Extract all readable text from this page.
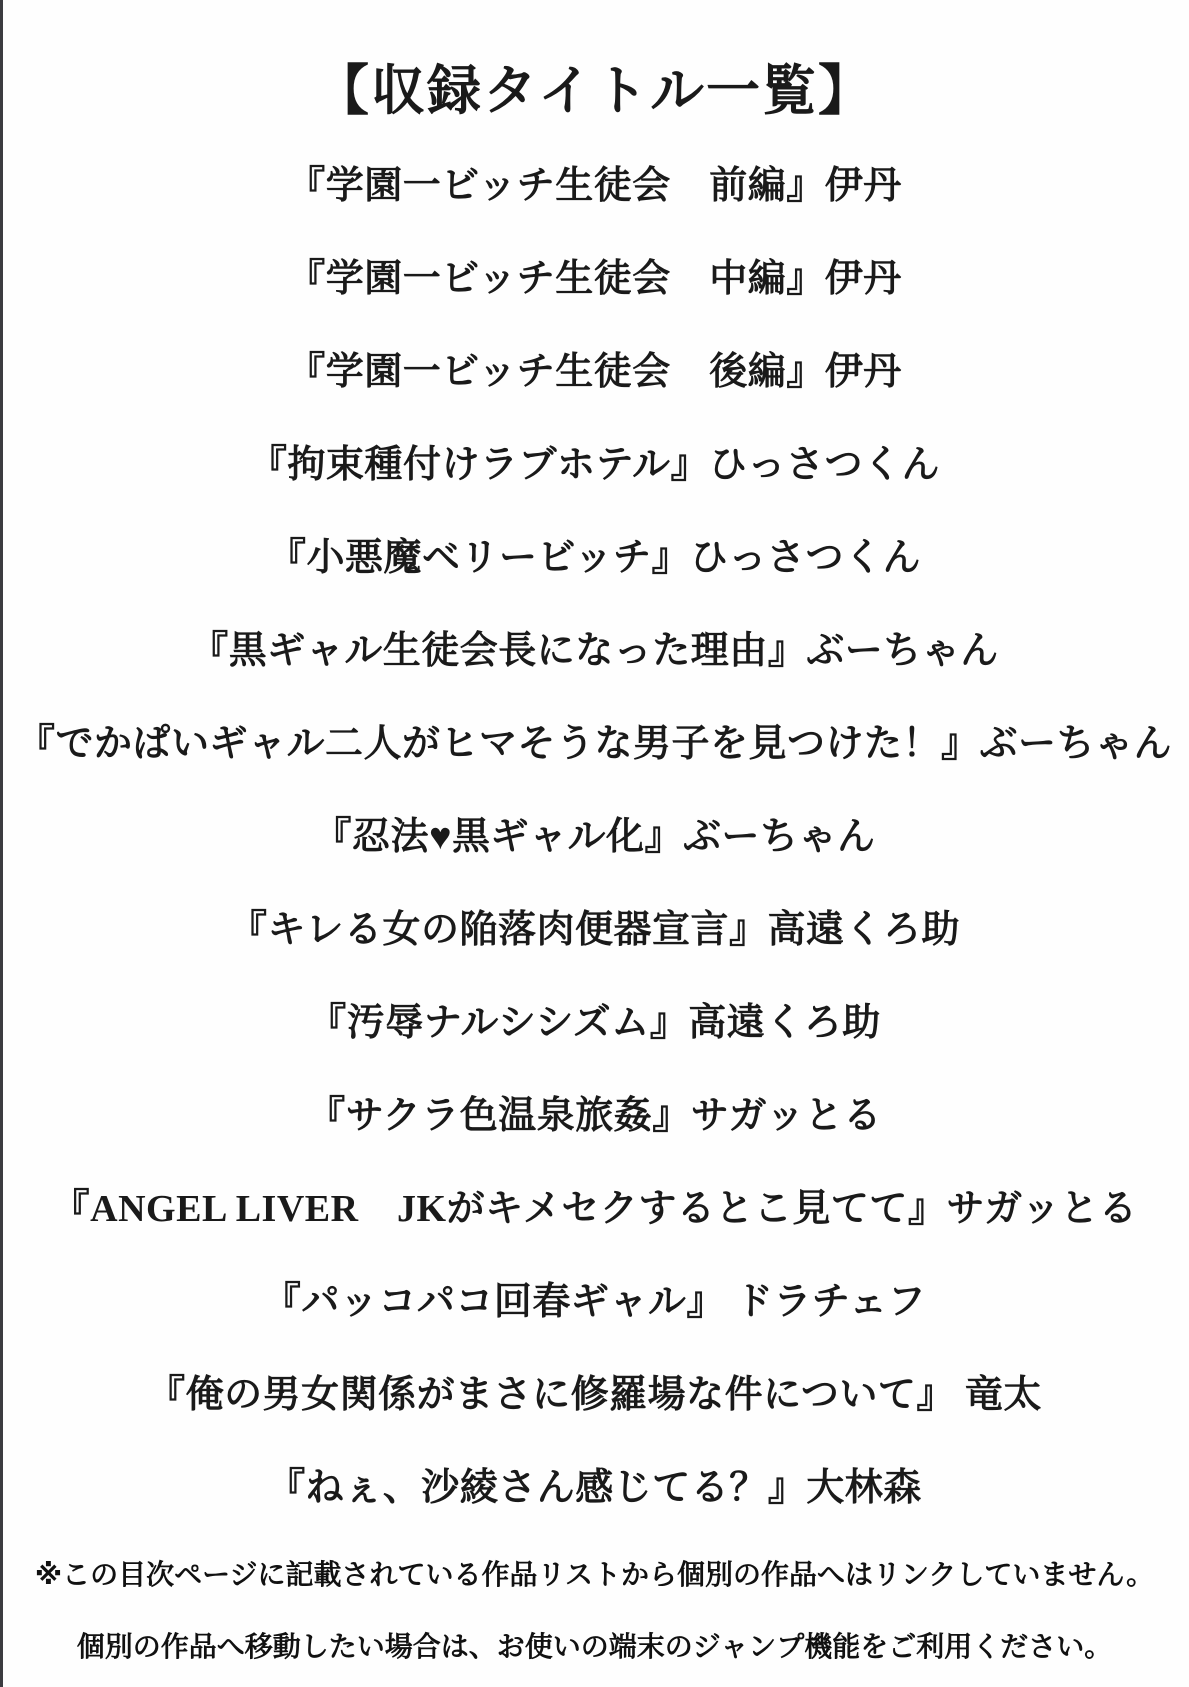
【収録タイトル一覧】
『学園一ビッチ生徒会　前編』伊丹
『学園一ビッチ生徒会　中編』伊丹
『学園一ビッチ生徒会　後編』伊丹
『拘束種付けラブホテル』ひっさつくん
『小悪魔ベリービッチ』ひっさつくん
『黒ギャル生徒会長になった理由』ぶーちゃん
『でかぱいギャル二人がヒマそうな男子を見つけた！』ぶーちゃん
『忍法♥黒ギャル化』ぶーちゃん
『キレる女の陥落肉便器宣言』高遠くろ助
『汚辱ナルシシズム』高遠くろ助
『サクラ色温泉旅姦』サガッとる
『ANGEL LIVER　JKがキメセクするとこ見てて』サガッとる
『パッコパコ回春ギャル』 ドラチェフ
『俺の男女関係がまさに修羅場な件について』 竜太
『ねぇ、沙綾さん感じてる？』大林森
※この目次ページに記載されている作品リストから個別の作品へはリンクしていません。
個別の作品へ移動したい場合は、お使いの端末のジャンプ機能をご利用ください。
